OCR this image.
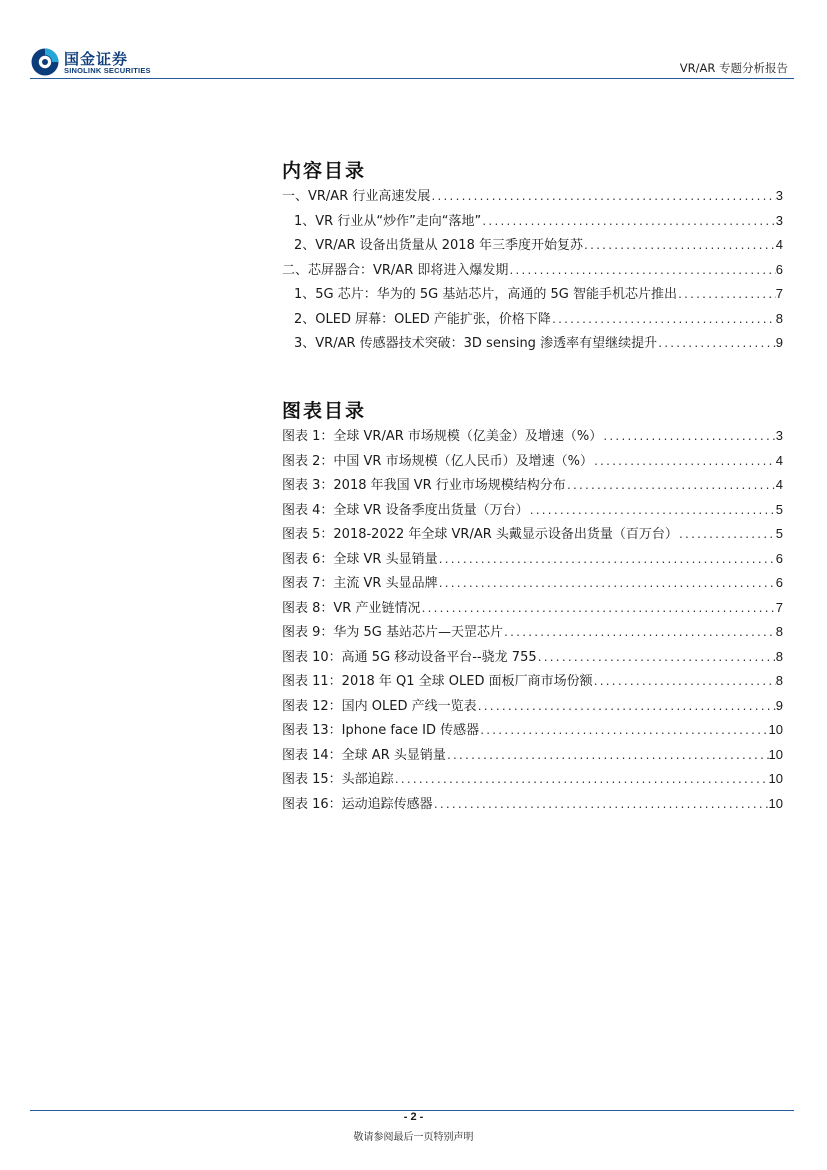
国金证券
SINOLINK SECURITIES	VR/AR 专题分析报告
内容目录
一、VR/AR 行业高速发展 .....	3
1、VR 行业从“炒作”走向“落地” .....	3
2、VR/AR 设备出货量从 2018 年三季度开始复苏 .....	4
二、芯屏器合：VR/AR 即将进入爆发期 .....	6
1、5G 芯片：华为的 5G 基站芯片，高通的 5G 智能手机芯片推出 .....	7
2、OLED 屏幕：OLED 产能扩张，价格下降 .....	8
3、VR/AR 传感器技术突破：3D sensing 渗透率有望继续提升 .....	9
图表目录
图表 1：全球 VR/AR 市场规模（亿美金）及增速（%） .....	3
图表 2：中国 VR 市场规模（亿人民币）及增速（%） .....	4
图表 3：2018 年我国 VR 行业市场规模结构分布 .....	4
图表 4：全球 VR 设备季度出货量（万台） .....	5
图表 5：2018-2022 年全球 VR/AR 头戴显示设备出货量（百万台） .....	5
图表 6：全球 VR 头显销量 .....	6
图表 7：主流 VR 头显品牌 .....	6
图表 8：VR 产业链情况 .....	7
图表 9：华为 5G 基站芯片—天罡芯片 .....	8
图表 10：高通 5G 移动设备平台--骁龙 755 .....	8
图表 11：2018 年 Q1 全球 OLED 面板厂商市场份额 .....	8
图表 12：国内 OLED 产线一览表 .....	9
图表 13：Iphone face ID 传感器 .....	10
图表 14：全球 AR 头显销量 .....	10
图表 15：头部追踪 .....	10
图表 16：运动追踪传感器 .....	10
- 2 -
敬请参阅最后一页特别声明
